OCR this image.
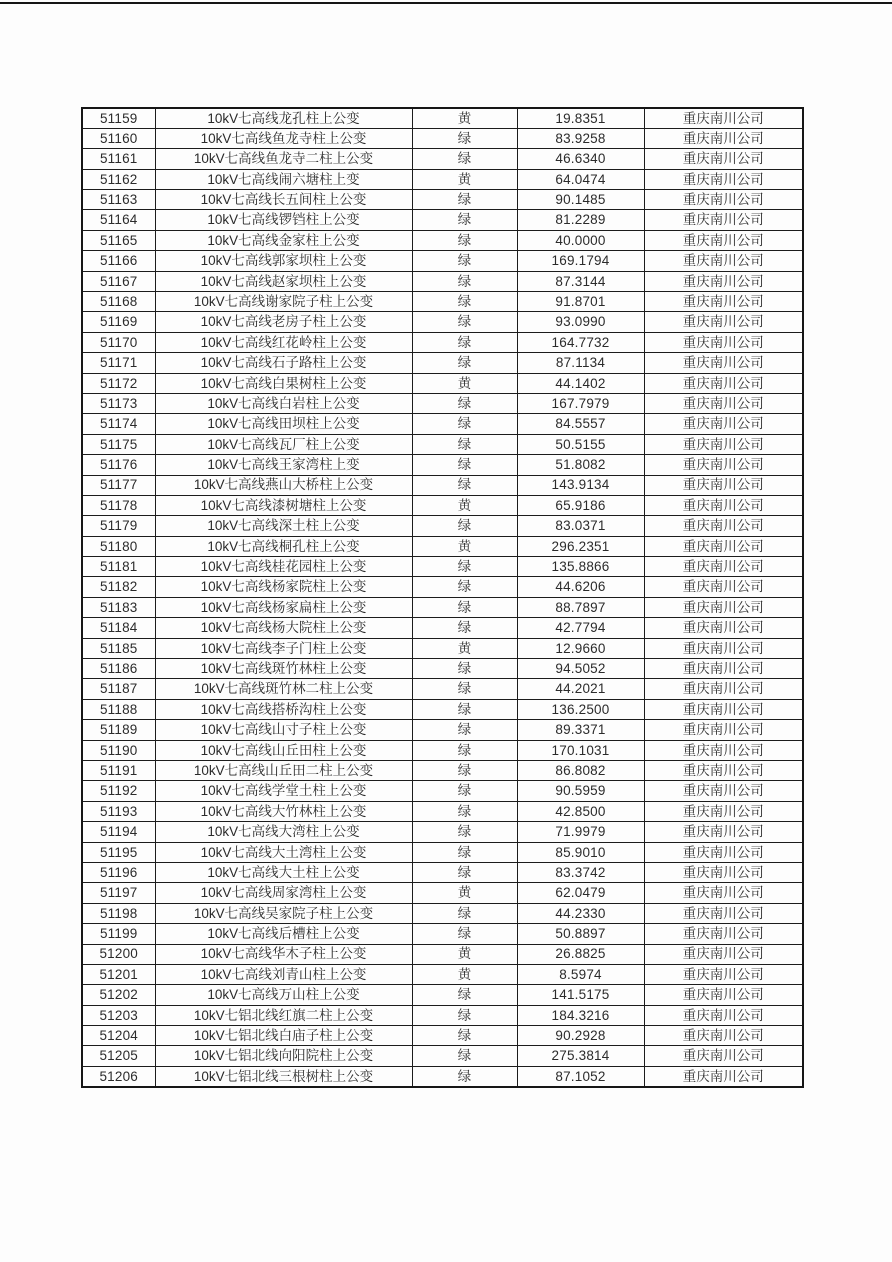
51159	10kV七高线龙孔柱上公变	黄	19.8351	重庆南川公司
51160	10kV七高线鱼龙寺柱上公变	绿	83.9258	重庆南川公司
51161	10kV七高线鱼龙寺二柱上公变	绿	46.6340	重庆南川公司
51162	10kV七高线闹六塘柱上变	黄	64.0474	重庆南川公司
51163	10kV七高线长五间柱上公变	绿	90.1485	重庆南川公司
51164	10kV七高线锣铛柱上公变	绿	81.2289	重庆南川公司
51165	10kV七高线金家柱上公变	绿	40.0000	重庆南川公司
51166	10kV七高线郭家坝柱上公变	绿	169.1794	重庆南川公司
51167	10kV七高线赵家坝柱上公变	绿	87.3144	重庆南川公司
51168	10kV七高线谢家院子柱上公变	绿	91.8701	重庆南川公司
51169	10kV七高线老房子柱上公变	绿	93.0990	重庆南川公司
51170	10kV七高线红花岭柱上公变	绿	164.7732	重庆南川公司
51171	10kV七高线石子路柱上公变	绿	87.1134	重庆南川公司
51172	10kV七高线白果树柱上公变	黄	44.1402	重庆南川公司
51173	10kV七高线白岩柱上公变	绿	167.7979	重庆南川公司
51174	10kV七高线田坝柱上公变	绿	84.5557	重庆南川公司
51175	10kV七高线瓦厂柱上公变	绿	50.5155	重庆南川公司
51176	10kV七高线王家湾柱上变	绿	51.8082	重庆南川公司
51177	10kV七高线燕山大桥柱上公变	绿	143.9134	重庆南川公司
51178	10kV七高线漆树塘柱上公变	黄	65.9186	重庆南川公司
51179	10kV七高线深土柱上公变	绿	83.0371	重庆南川公司
51180	10kV七高线桐孔柱上公变	黄	296.2351	重庆南川公司
51181	10kV七高线桂花园柱上公变	绿	135.8866	重庆南川公司
51182	10kV七高线杨家院柱上公变	绿	44.6206	重庆南川公司
51183	10kV七高线杨家扁柱上公变	绿	88.7897	重庆南川公司
51184	10kV七高线杨大院柱上公变	绿	42.7794	重庆南川公司
51185	10kV七高线李子门柱上公变	黄	12.9660	重庆南川公司
51186	10kV七高线斑竹林柱上公变	绿	94.5052	重庆南川公司
51187	10kV七高线斑竹林二柱上公变	绿	44.2021	重庆南川公司
51188	10kV七高线搭桥沟柱上公变	绿	136.2500	重庆南川公司
51189	10kV七高线山寸子柱上公变	绿	89.3371	重庆南川公司
51190	10kV七高线山丘田柱上公变	绿	170.1031	重庆南川公司
51191	10kV七高线山丘田二柱上公变	绿	86.8082	重庆南川公司
51192	10kV七高线学堂土柱上公变	绿	90.5959	重庆南川公司
51193	10kV七高线大竹林柱上公变	绿	42.8500	重庆南川公司
51194	10kV七高线大湾柱上公变	绿	71.9979	重庆南川公司
51195	10kV七高线大土湾柱上公变	绿	85.9010	重庆南川公司
51196	10kV七高线大土柱上公变	绿	83.3742	重庆南川公司
51197	10kV七高线周家湾柱上公变	黄	62.0479	重庆南川公司
51198	10kV七高线吴家院子柱上公变	绿	44.2330	重庆南川公司
51199	10kV七高线后槽柱上公变	绿	50.8897	重庆南川公司
51200	10kV七高线华木子柱上公变	黄	26.8825	重庆南川公司
51201	10kV七高线刘青山柱上公变	黄	8.5974	重庆南川公司
51202	10kV七高线万山柱上公变	绿	141.5175	重庆南川公司
51203	10kV七铝北线红旗二柱上公变	绿	184.3216	重庆南川公司
51204	10kV七铝北线白庙子柱上公变	绿	90.2928	重庆南川公司
51205	10kV七铝北线向阳院柱上公变	绿	275.3814	重庆南川公司
51206	10kV七铝北线三根树柱上公变	绿	87.1052	重庆南川公司
